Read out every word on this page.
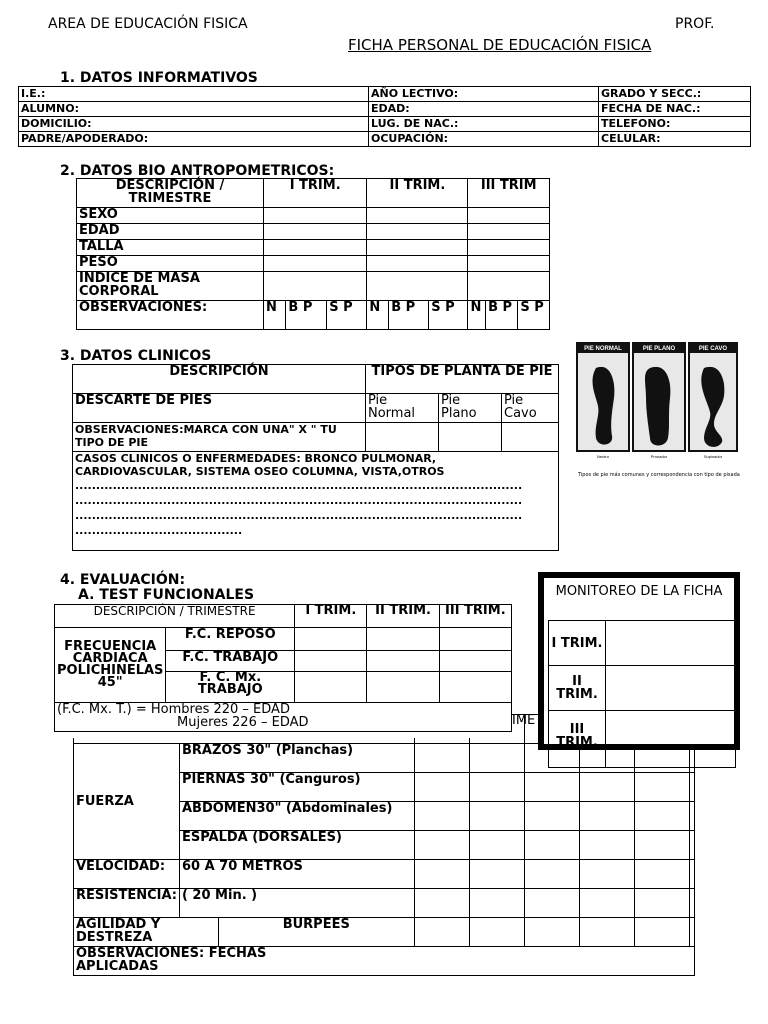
AREA DE EDUCACIÓN FISICA	PROF.
FICHA PERSONAL DE EDUCACIÓN FISICA
1. DATOS INFORMATIVOS
I.E.:	AÑO LECTIVO:	GRADO Y SECC.:
ALUMNO:	EDAD:	FECHA DE NAC.:
DOMICILIO:	LUG. DE NAC.:	TELEFONO:
PADRE/APODERADO:	OCUPACIÓN:	CELULAR:
2. DATOS BIO ANTROPOMETRICOS:
DESCRIPCIÓN / TRIMESTRE	I TRIM.			II TRIM.			III TRIM		
SEXO									
EDAD									
TALLA									
PESO									
INDICE DE MASA CORPORAL									
OBSERVACIONES:	N	B P	S P	N	B P	S P	N	B P	S P
3. DATOS CLINICOS
DESCRIPCIÓN	TIPOS DE PLANTA DE PIE		
DESCARTE DE PIES	Pie Normal	Pie Plano	Pie Cavo
OBSERVACIONES:MARCA CON UNA" X " TU TIPO DE PIE			

CASOS CLINICOS O ENFERMEDADES: BRONCO PULMONAR, CARDIOVASCULAR, SISTEMA OSEO COLUMNA, VISTA,OTROS
...........................................................................................................
...........................................................................................................
...........................................................................................................
........................................			
PIE NORMAL	PIE PLANO	PIE CAVO
Neutro	Pronador	Supinador
Tipos de pie más comunes y correspondencia con tipo de pisada
4. EVALUACIÓN:
A. TEST FUNCIONALES

FUERZA	BRAZOS 30" (Planchas)						
	PIERNAS 30" (Canguros)						
	ABDOMEN30" (Abdominales)						
	ESPALDA (DORSALES)						
VELOCIDAD:	60 A 70 METROS						
RESISTENCIA:	( 20 Min. )						

AGILIDAD Y DESTREZA
BURPEES							

OBSERVACIONES: FECHAS APLICADAS							
DESCRIPCIÓN / TRIMESTRE		I TRIM.	II TRIM.	III TRIM.
FRECUENCIA CARDIACA POLICHINELAS 45"	F.C. REPOSO			
	F.C. TRABAJO			
	F. C. Mx. TRABAJO			

(F.C. Mx. T.) = Hombres 220 – EDAD
Mujeres 226 – EDAD					IME
MONITOREO DE LA FICHA
I TRIM.	
II TRIM.	
III TRIM.	
